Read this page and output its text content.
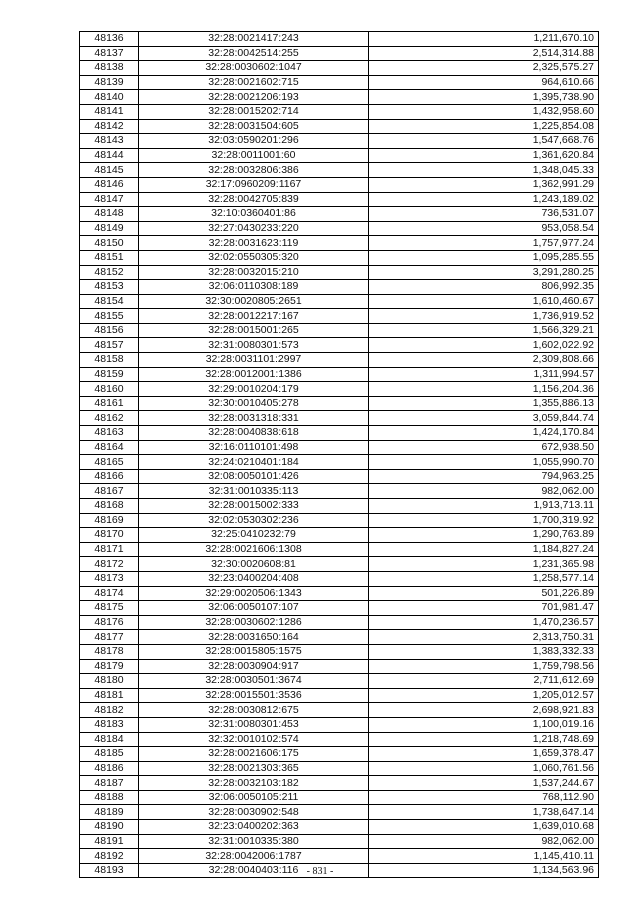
48136	32:28:0021417:243	1,211,670.10
48137	32:28:0042514:255	2,514,314.88
48138	32:28:0030602:1047	2,325,575.27
48139	32:28:0021602:715	964,610.66
48140	32:28:0021206:193	1,395,738.90
48141	32:28:0015202:714	1,432,958.60
48142	32:28:0031504:605	1,225,854.08
48143	32:03:0590201:296	1,547,668.76
48144	32:28:0011001:60	1,361,620.84
48145	32:28:0032806:386	1,348,045.33
48146	32:17:0960209:1167	1,362,991.29
48147	32:28:0042705:839	1,243,189.02
48148	32:10:0360401:86	736,531.07
48149	32:27:0430233:220	953,058.54
48150	32:28:0031623:119	1,757,977.24
48151	32:02:0550305:320	1,095,285.55
48152	32:28:0032015:210	3,291,280.25
48153	32:06:0110308:189	806,992.35
48154	32:30:0020805:2651	1,610,460.67
48155	32:28:0012217:167	1,736,919.52
48156	32:28:0015001:265	1,566,329.21
48157	32:31:0080301:573	1,602,022.92
48158	32:28:0031101:2997	2,309,808.66
48159	32:28:0012001:1386	1,311,994.57
48160	32:29:0010204:179	1,156,204.36
48161	32:30:0010405:278	1,355,886.13
48162	32:28:0031318:331	3,059,844.74
48163	32:28:0040838:618	1,424,170.84
48164	32:16:0110101:498	672,938.50
48165	32:24:0210401:184	1,055,990.70
48166	32:08:0050101:426	794,963.25
48167	32:31:0010335:113	982,062.00
48168	32:28:0015002:333	1,913,713.11
48169	32:02:0530302:236	1,700,319.92
48170	32:25:0410232:79	1,290,763.89
48171	32:28:0021606:1308	1,184,827.24
48172	32:30:0020608:81	1,231,365.98
48173	32:23:0400204:408	1,258,577.14
48174	32:29:0020506:1343	501,226.89
48175	32:06:0050107:107	701,981.47
48176	32:28:0030602:1286	1,470,236.57
48177	32:28:0031650:164	2,313,750.31
48178	32:28:0015805:1575	1,383,332.33
48179	32:28:0030904:917	1,759,798.56
48180	32:28:0030501:3674	2,711,612.69
48181	32:28:0015501:3536	1,205,012.57
48182	32:28:0030812:675	2,698,921.83
48183	32:31:0080301:453	1,100,019.16
48184	32:32:0010102:574	1,218,748.69
48185	32:28:0021606:175	1,659,378.47
48186	32:28:0021303:365	1,060,761.56
48187	32:28:0032103:182	1,537,244.67
48188	32:06:0050105:211	768,112.90
48189	32:28:0030902:548	1,738,647.14
48190	32:23:0400202:363	1,639,010.68
48191	32:31:0010335:380	982,062.00
48192	32:28:0042006:1787	1,145,410.11
48193	32:28:0040403:116	1,134,563.96
- 831 -
